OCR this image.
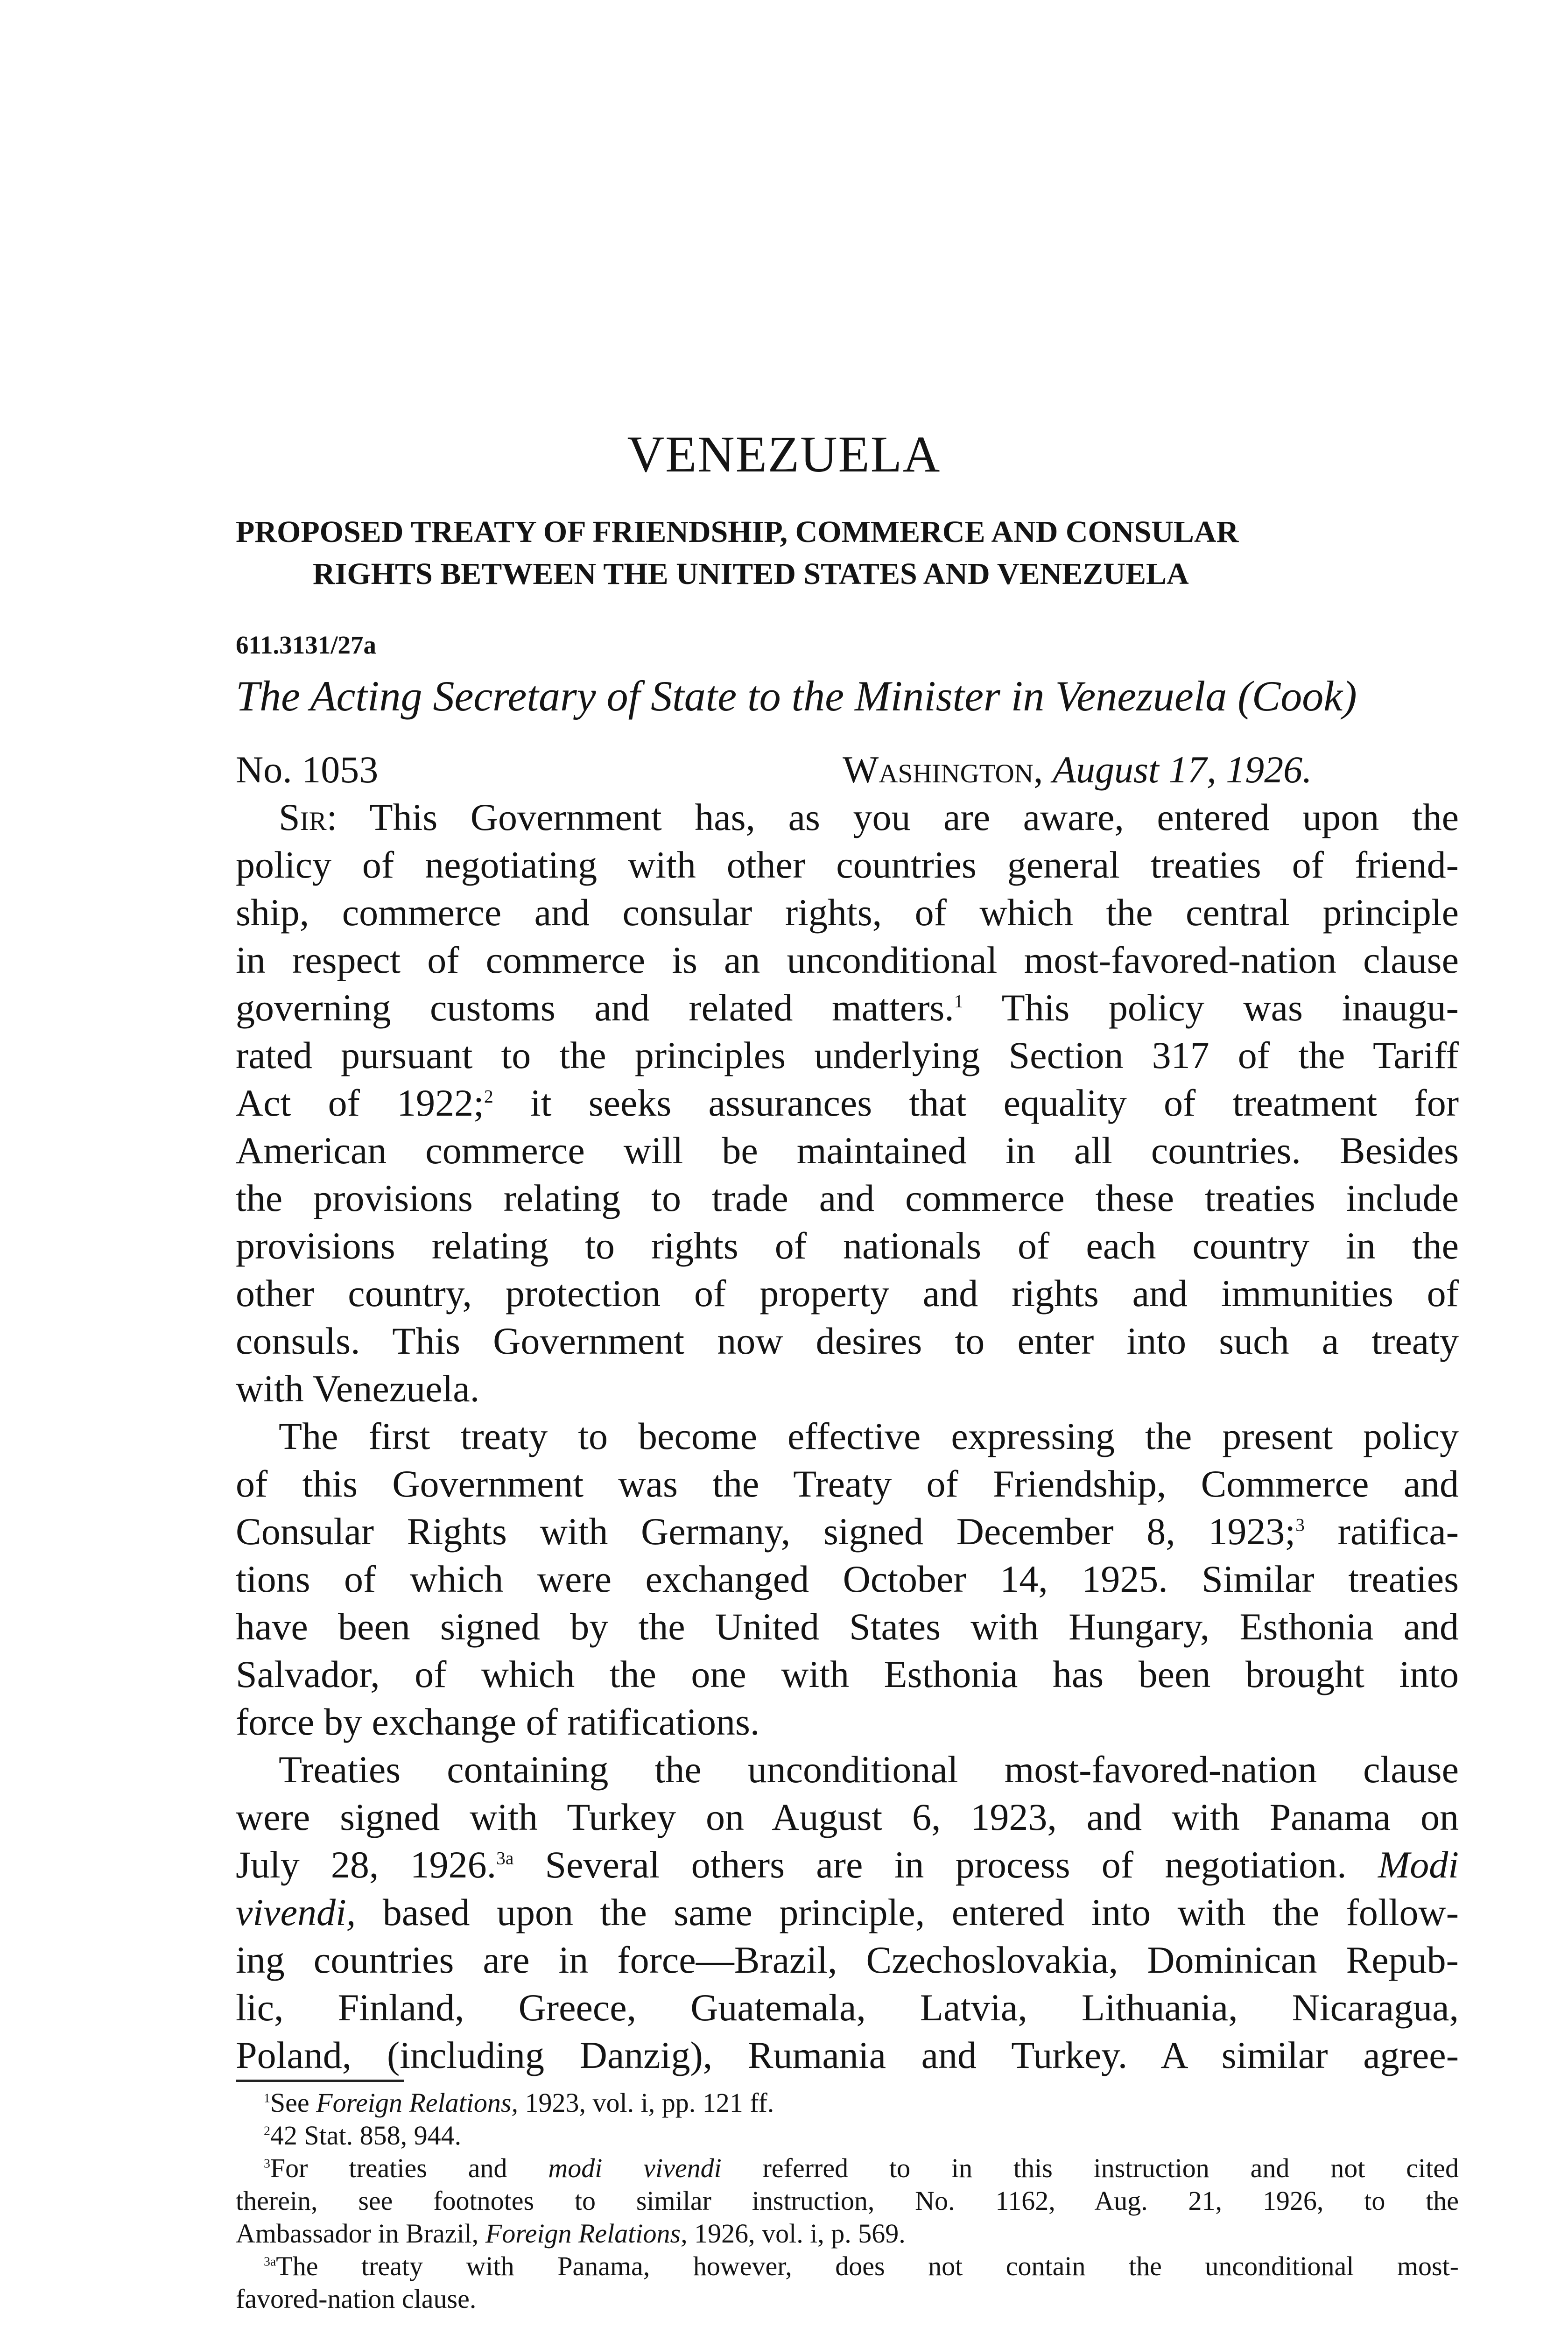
VENEZUELA
PROPOSED TREATY OF FRIENDSHIP, COMMERCE AND CONSULAR
RIGHTS BETWEEN THE UNITED STATES AND VENEZUELA
611.3131/27a
The Acting Secretary of State to the Minister in Venezuela (Cook)
No. 1053	Washington, August 17, 1926.
Sir: This Government has, as you are aware, entered upon the
policy of negotiating with other countries general treaties of friend-
ship, commerce and consular rights, of which the central principle
in respect of commerce is an unconditional most-favored-nation clause
governing customs and related matters.$^1$ This policy was inaugu-
rated pursuant to the principles underlying Section 317 of the Tariff
Act of 1922;$^2$ it seeks assurances that equality of treatment for
American commerce will be maintained in all countries. Besides
the provisions relating to trade and commerce these treaties include
provisions relating to rights of nationals of each country in the
other country, protection of property and rights and immunities of
consuls. This Government now desires to enter into such a treaty
with Venezuela.
The first treaty to become effective expressing the present policy
of this Government was the Treaty of Friendship, Commerce and
Consular Rights with Germany, signed December 8, 1923;$^3$ ratifica-
tions of which were exchanged October 14, 1925. Similar treaties
have been signed by the United States with Hungary, Esthonia and
Salvador, of which the one with Esthonia has been brought into
force by exchange of ratifications.
Treaties containing the unconditional most-favored-nation clause
were signed with Turkey on August 6, 1923, and with Panama on
July 28, 1926.$^{3a}$ Several others are in process of negotiation. Modi
vivendi, based upon the same principle, entered into with the follow-
ing countries are in force—Brazil, Czechoslovakia, Dominican Repub-
lic, Finland, Greece, Guatemala, Latvia, Lithuania, Nicaragua,
Poland, (including Danzig), Rumania and Turkey. A similar agree-
$^1$See Foreign Relations, 1923, vol. i, pp. 121 ff.
$^2$42 Stat. 858, 944.
$^3$For treaties and modi vivendi referred to in this instruction and not cited
therein, see footnotes to similar instruction, No. 1162, Aug. 21, 1926, to the
Ambassador in Brazil, Foreign Relations, 1926, vol. i, p. 569.
$^{3a}$The treaty with Panama, however, does not contain the unconditional most-
favored-nation clause.
